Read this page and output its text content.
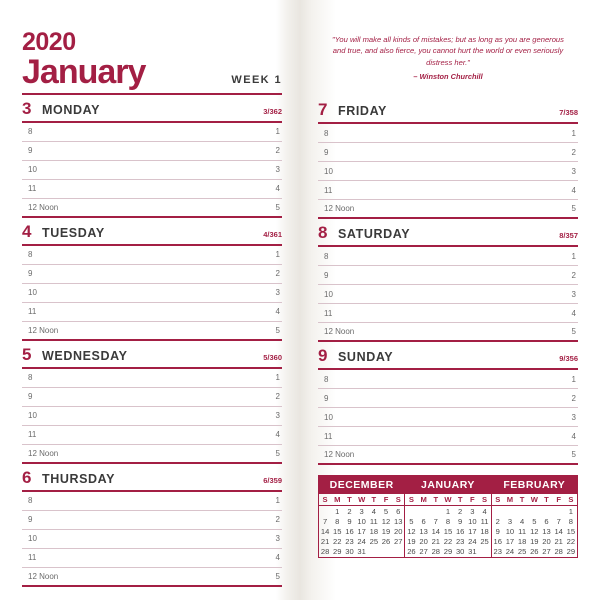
2020
January	WEEK 1
3 MONDAY	3/362
8	1
9	2
10	3
11	4
12 Noon	5
4 TUESDAY	4/361
8	1
9	2
10	3
11	4
12 Noon	5
5 WEDNESDAY	5/360
8	1
9	2
10	3
11	4
12 Noon	5
6 THURSDAY	6/359
8	1
9	2
10	3
11	4
12 Noon	5
"You will make all kinds of mistakes; but as long as you are generous and true, and also fierce, you cannot hurt the world or even seriously distress her."
– Winston Churchill
7 FRIDAY	7/358
8	1
9	2
10	3
11	4
12 Noon	5
8 SATURDAY	8/357
8	1
9	2
10	3
11	4
12 Noon	5
9 SUNDAY	9/356
8	1
9	2
10	3
11	4
12 Noon	5
DECEMBER
S	M	T	W	T	F	S
	1	2	3	4	5	6
7	8	9	10	11	12	13
14	15	16	17	18	19	20
21	22	23	24	25	26	27
28	29	30	31			

JANUARY
S	M	T	W	T	F	S
			1	2	3	4
5	6	7	8	9	10	11
12	13	14	15	16	17	18
19	20	21	22	23	24	25
26	27	28	29	30	31	

FEBRUARY
S	M	T	W	T	F	S
						1
2	3	4	5	6	7	8
9	10	11	12	13	14	15
16	17	18	19	20	21	22
23	24	25	26	27	28	29
